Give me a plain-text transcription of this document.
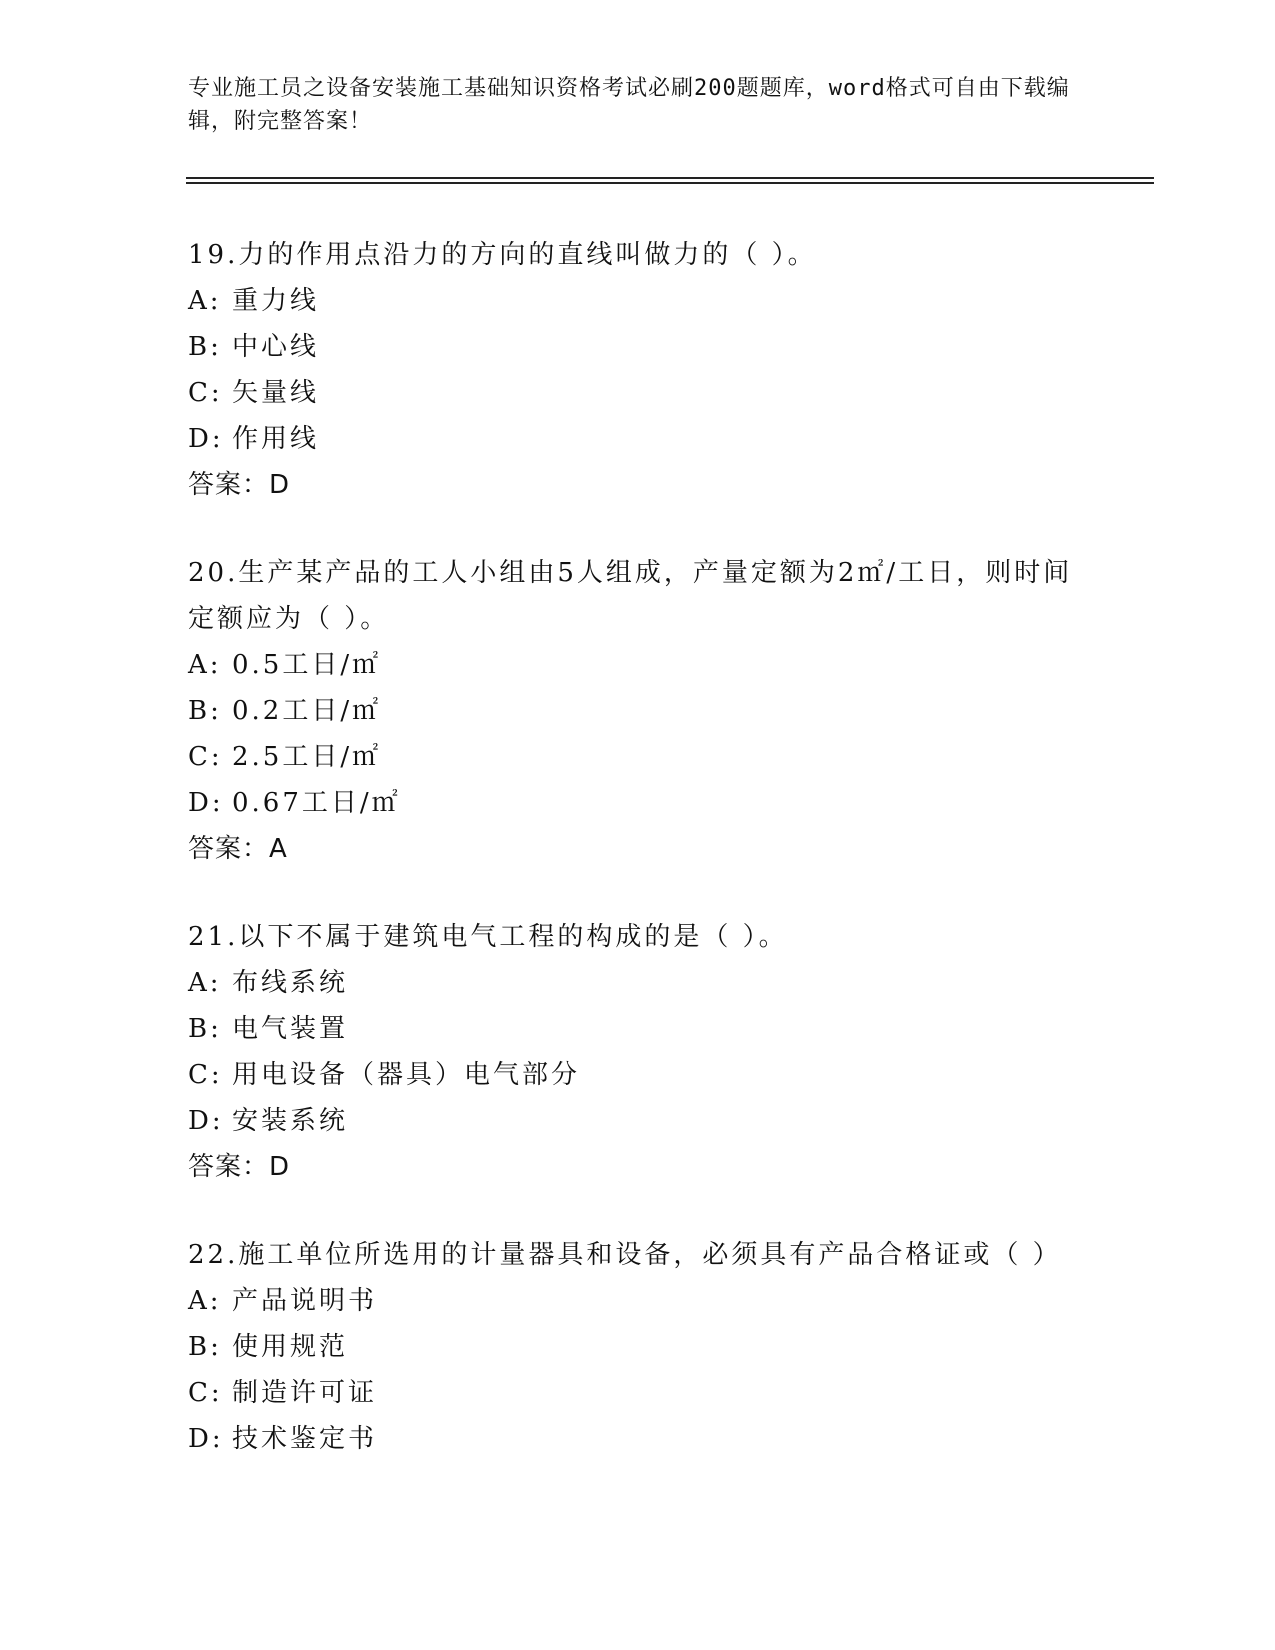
专业施工员之设备安装施工基础知识资格考试必刷200题题库，word格式可自由下载编辑，附完整答案！
19.力的作用点沿力的方向的直线叫做力的（ ）。
A: 重力线
B: 中心线
C: 矢量线
D: 作用线
答案：D
20.生产某产品的工人小组由5人组成，产量定额为2㎡/工日，则时间定额应为（ ）。
A: 0.5工日/㎡
B: 0.2工日/㎡
C: 2.5工日/㎡
D: 0.67工日/㎡
答案：A
21.以下不属于建筑电气工程的构成的是（ ）。
A: 布线系统
B: 电气装置
C: 用电设备（器具）电气部分
D: 安装系统
答案：D
22.施工单位所选用的计量器具和设备，必须具有产品合格证或（ ）
A: 产品说明书
B: 使用规范
C: 制造许可证
D: 技术鉴定书
